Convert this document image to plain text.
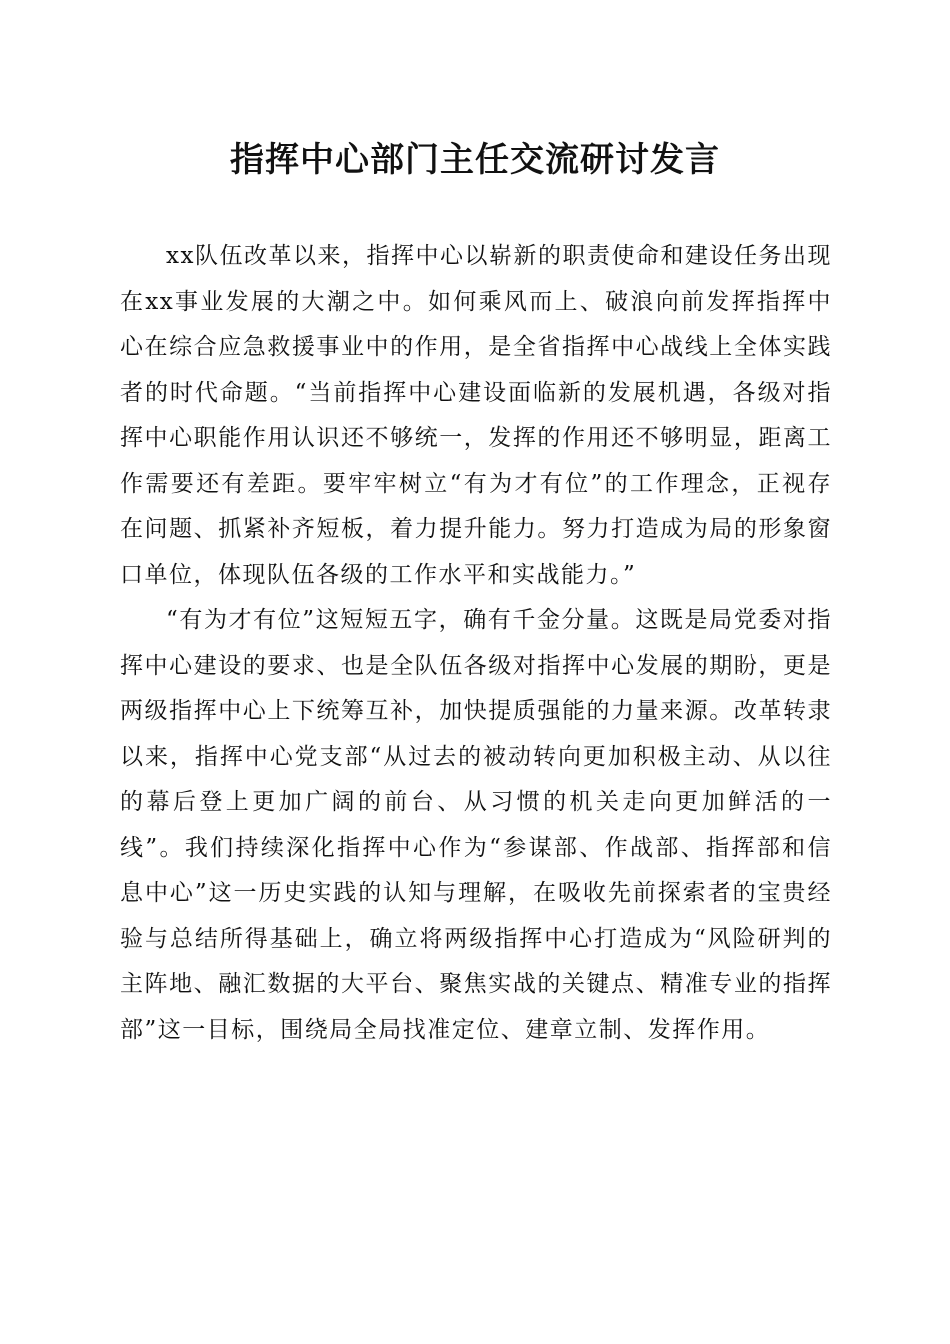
指挥中心部门主任交流研讨发言

xx队伍改革以来，指挥中心以崭新的职责使命和建设任务出现在xx事业发展的大潮之中。如何乘风而上、破浪向前发挥指挥中心在综合应急救援事业中的作用，是全省指挥中心战线上全体实践者的时代命题。“当前指挥中心建设面临新的发展机遇，各级对指挥中心职能作用认识还不够统一，发挥的作用还不够明显，距离工作需要还有差距。要牢牢树立“有为才有位”的工作理念，正视存在问题、抓紧补齐短板，着力提升能力。努力打造成为局的形象窗口单位，体现队伍各级的工作水平和实战能力。”

“有为才有位”这短短五字，确有千金分量。这既是局党委对指挥中心建设的要求、也是全队伍各级对指挥中心发展的期盼，更是两级指挥中心上下统筹互补，加快提质强能的力量来源。改革转隶以来，指挥中心党支部“从过去的被动转向更加积极主动、从以往的幕后登上更加广阔的前台、从习惯的机关走向更加鲜活的一线”。我们持续深化指挥中心作为“参谋部、作战部、指挥部和信息中心”这一历史实践的认知与理解，在吸收先前探索者的宝贵经验与总结所得基础上，确立将两级指挥中心打造成为“风险研判的主阵地、融汇数据的大平台、聚焦实战的关键点、精准专业的指挥部”这一目标，围绕局全局找准定位、建章立制、发挥作用。
